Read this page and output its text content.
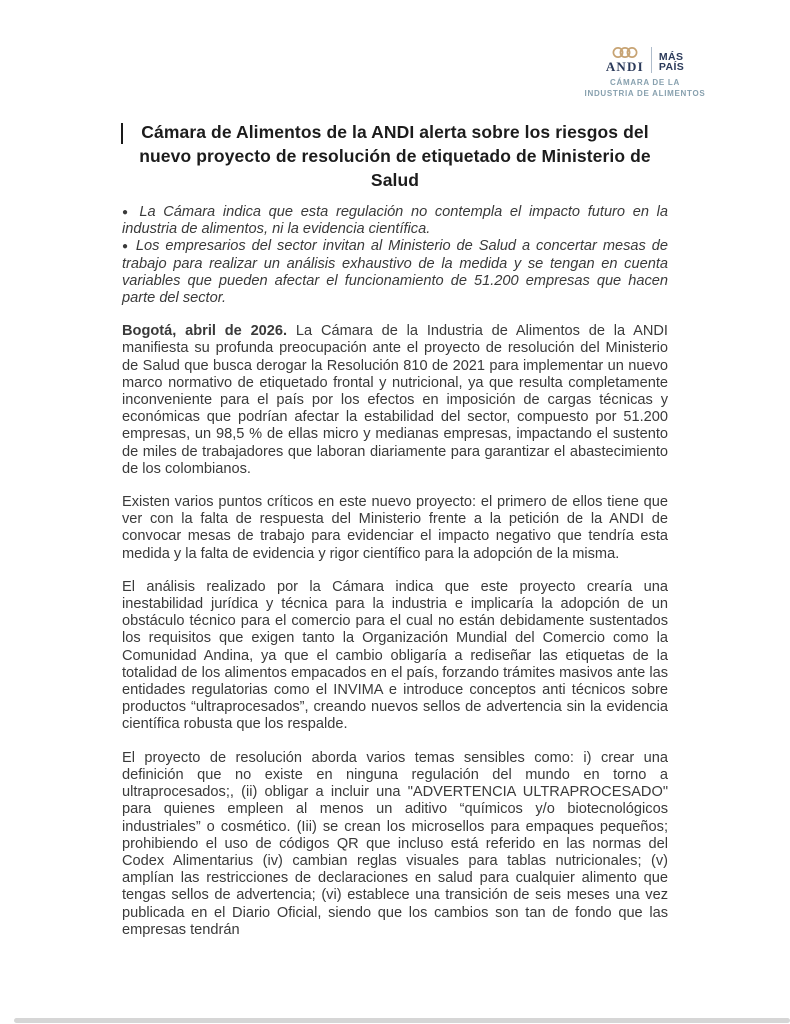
ANDI
MÁS
PAÍS
CÁMARA DE LA
INDUSTRIA DE ALIMENTOS
Cámara de Alimentos de la ANDI alerta sobre los riesgos del nuevo proyecto de resolución de etiquetado de Ministerio de Salud

● La Cámara indica que esta regulación no contempla el impacto futuro en la industria de alimentos, ni la evidencia científica.

● Los empresarios del sector invitan al Ministerio de Salud a concertar mesas de trabajo para realizar un análisis exhaustivo de la medida y se tengan en cuenta variables que pueden afectar el funcionamiento de 51.200 empresas que hacen parte del sector.

Bogotá, abril de 2026. La Cámara de la Industria de Alimentos de la ANDI manifiesta su profunda preocupación ante el proyecto de resolución del Ministerio de Salud que busca derogar la Resolución 810 de 2021 para implementar un nuevo marco normativo de etiquetado frontal y nutricional, ya que resulta completamente inconveniente para el país por los efectos en imposición de cargas técnicas y económicas que podrían afectar la estabilidad del sector, compuesto por 51.200 empresas, un 98,5 % de ellas micro y medianas empresas, impactando el sustento de miles de trabajadores que laboran diariamente para garantizar el abastecimiento de los colombianos.

Existen varios puntos críticos en este nuevo proyecto: el primero de ellos tiene que ver con la falta de respuesta del Ministerio frente a la petición de la ANDI de convocar mesas de trabajo para evidenciar el impacto negativo que tendría esta medida y la falta de evidencia y rigor científico para la adopción de la misma.

El análisis realizado por la Cámara indica que este proyecto crearía una inestabilidad jurídica y técnica para la industria e implicaría la adopción de un obstáculo técnico para el comercio para el cual no están debidamente sustentados los requisitos que exigen tanto la Organización Mundial del Comercio como la Comunidad Andina, ya que el cambio obligaría a rediseñar las etiquetas de la totalidad de los alimentos empacados en el país, forzando trámites masivos ante las entidades regulatorias como el INVIMA e introduce conceptos anti técnicos sobre productos “ultraprocesados”, creando nuevos sellos de advertencia sin la evidencia científica robusta que los respalde.

El proyecto de resolución aborda varios temas sensibles como: i) crear una definición que no existe en ninguna regulación del mundo en torno a ultraprocesados;, (ii) obligar a incluir una "ADVERTENCIA ULTRAPROCESADO" para quienes empleen al menos un aditivo “químicos y/o biotecnológicos industriales” o cosmético. (Iii) se crean los microsellos para empaques pequeños; prohibiendo el uso de códigos QR que incluso está referido en las normas del Codex Alimentarius (iv) cambian reglas visuales para tablas nutricionales; (v) amplían las restricciones de declaraciones en salud para cualquier alimento que tengas sellos de advertencia; (vi) establece una transición de seis meses una vez publicada en el Diario Oficial, siendo que los cambios son tan de fondo que las empresas tendrán
